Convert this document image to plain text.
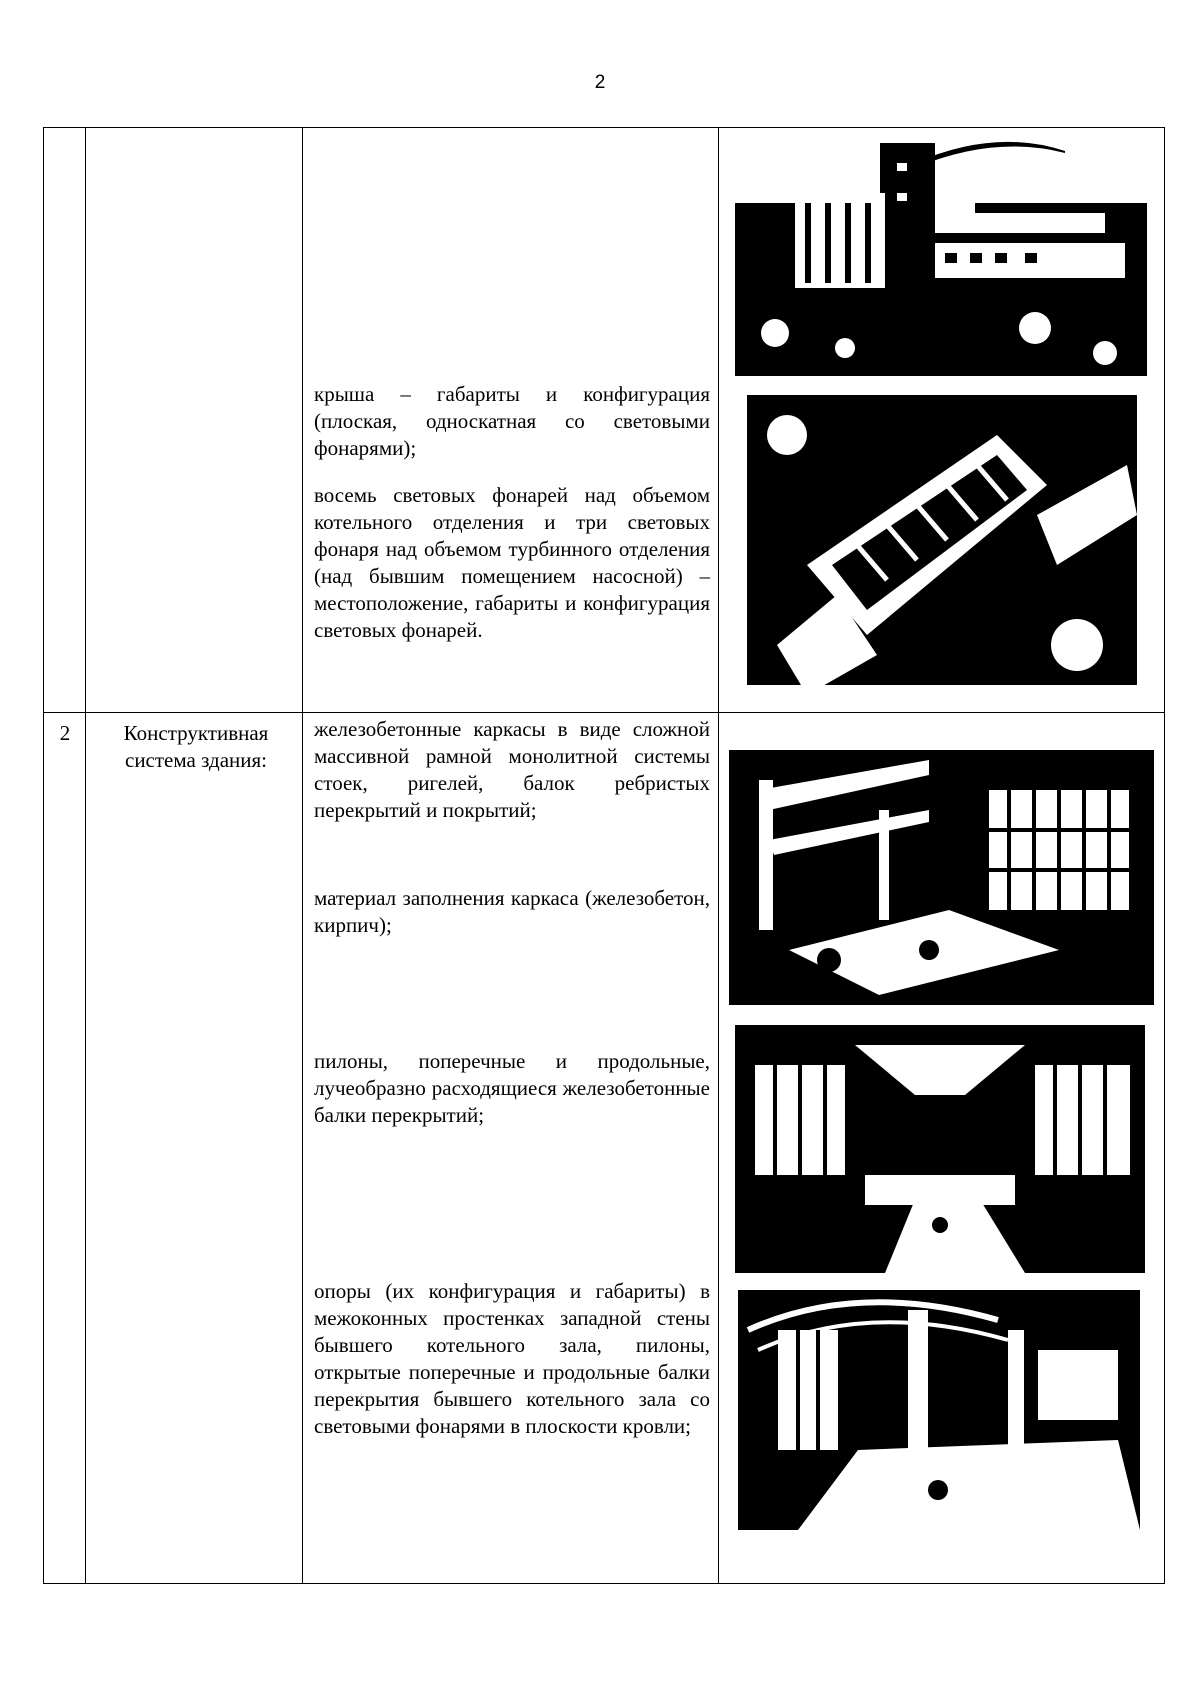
2

крыша – габариты и конфигурация (плоская, односкатная со световыми фонарями);

восемь световых фонарей над объемом котельного отделения и три световых фонаря над объемом турбинного отделения (над бывшим помещением насосной) – местоположение, габариты и конфигурация световых фонарей.

2	Конструктивная система здания:
железобетонные каркасы в виде сложной массивной рамной монолитной системы стоек, ригелей, балок ребристых перекрытий и покрытий;
материал заполнения каркаса (железобетон, кирпич);
пилоны, поперечные и продольные, лучеобразно расходящиеся железобетонные балки перекрытий;
опоры (их конфигурация и габариты) в межоконных простенках западной стены бывшего котельного зала, пилоны, открытые поперечные и продольные балки перекрытия бывшего котельного зала со световыми фонарями в плоскости кровли;
